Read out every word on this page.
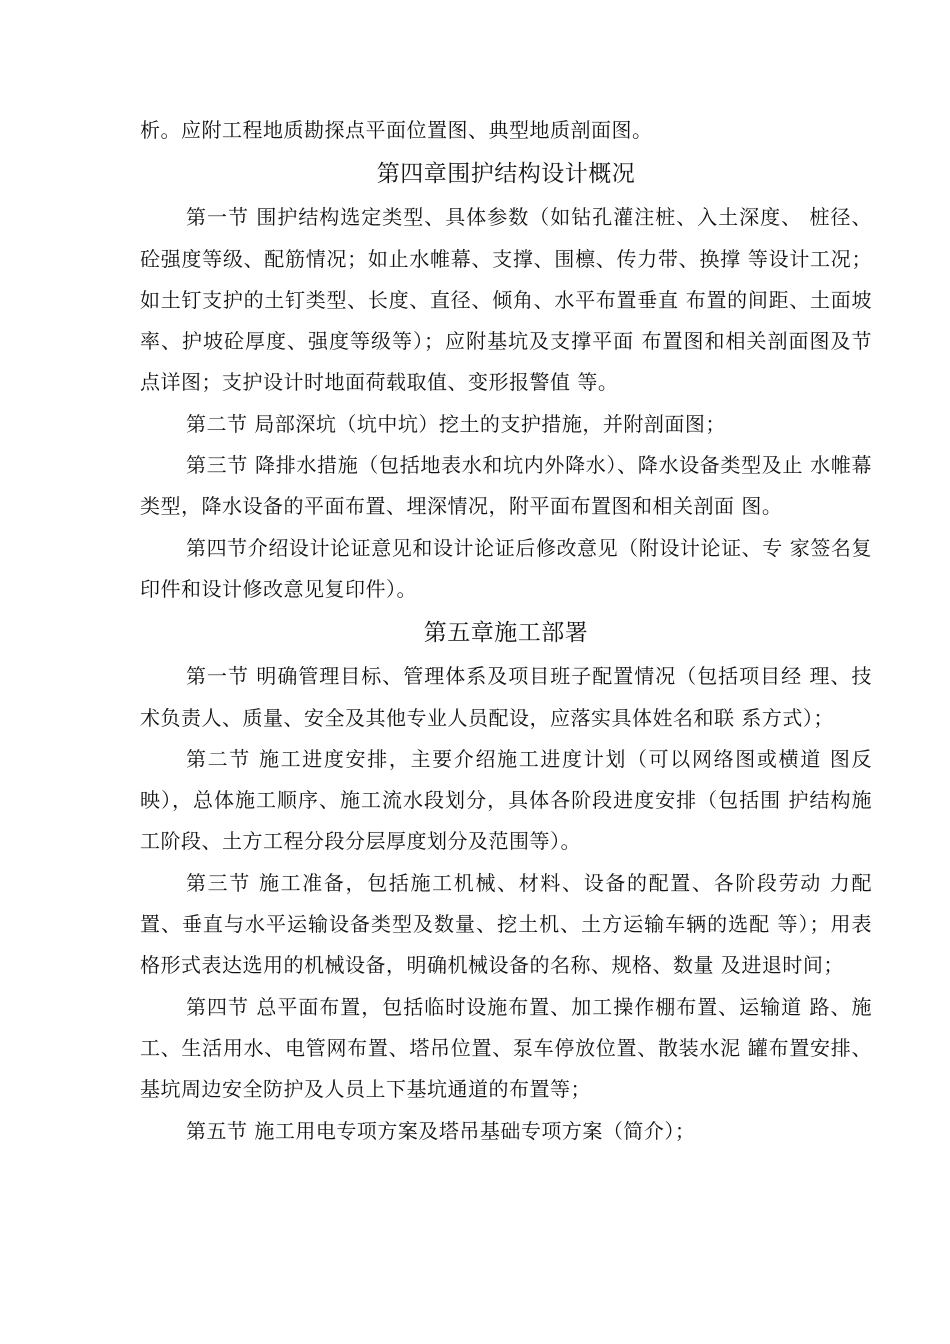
析。应附工程地质勘探点平面位置图、典型地质剖面图。

第四章围护结构设计概况

第一节 围护结构选定类型、具体参数（如钻孔灌注桩、入土深度、 桩径、砼强度等级、配筋情况；如止水帷幕、支撑、围檩、传力带、换撑 等设计工况；如土钉支护的土钉类型、长度、直径、倾角、水平布置垂直 布置的间距、土面坡率、护坡砼厚度、强度等级等）；应附基坑及支撑平面 布置图和相关剖面图及节点详图；支护设计时地面荷载取值、变形报警值 等。

第二节 局部深坑（坑中坑）挖土的支护措施，并附剖面图；

第三节 降排水措施（包括地表水和坑内外降水）、降水设备类型及止 水帷幕类型，降水设备的平面布置、埋深情况，附平面布置图和相关剖面 图。

第四节介绍设计论证意见和设计论证后修改意见（附设计论证、专 家签名复印件和设计修改意见复印件）。

第五章施工部署

第一节 明确管理目标、管理体系及项目班子配置情况（包括项目经 理、技术负责人、质量、安全及其他专业人员配设，应落实具体姓名和联 系方式）；

第二节 施工进度安排，主要介绍施工进度计划（可以网络图或横道 图反映），总体施工顺序、施工流水段划分，具体各阶段进度安排（包括围 护结构施工阶段、土方工程分段分层厚度划分及范围等）。

第三节 施工准备，包括施工机械、材料、设备的配置、各阶段劳动 力配置、垂直与水平运输设备类型及数量、挖土机、土方运输车辆的选配 等）；用表格形式表达选用的机械设备，明确机械设备的名称、规格、数量 及进退时间；

第四节 总平面布置，包括临时设施布置、加工操作棚布置、运输道 路、施工、生活用水、电管网布置、塔吊位置、泵车停放位置、散装水泥 罐布置安排、基坑周边安全防护及人员上下基坑通道的布置等；

第五节 施工用电专项方案及塔吊基础专项方案（简介）；
